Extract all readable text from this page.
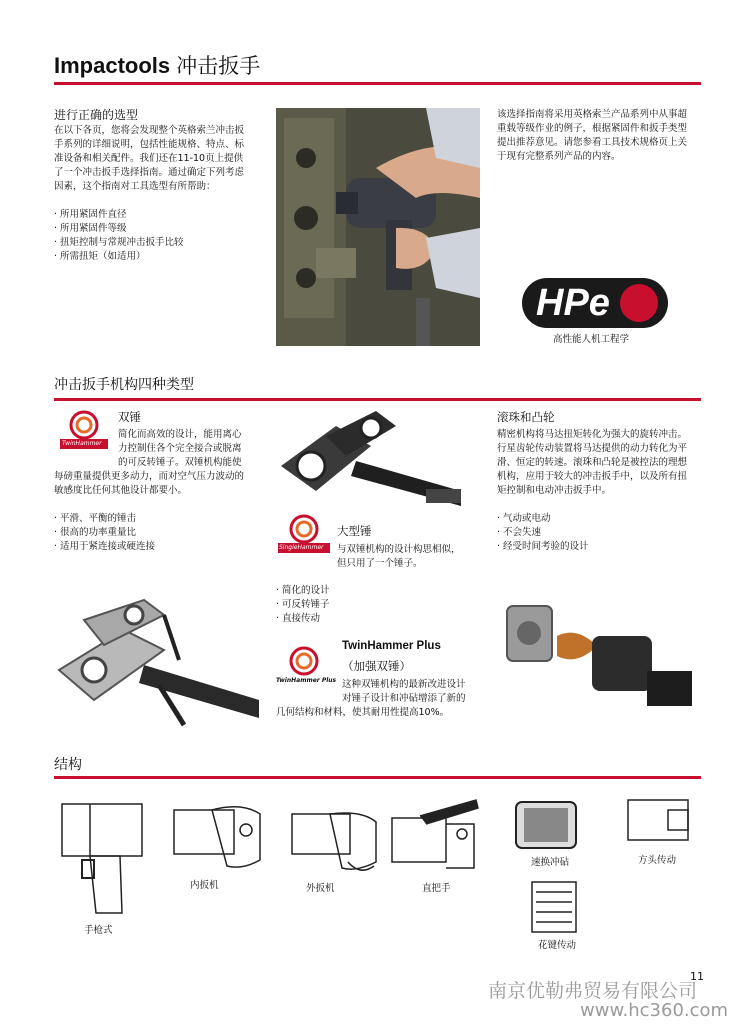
Impactools 冲击扳手
进行正确的选型
在以下各页，您将会发现整个英格索兰冲击扳
手系列的详细说明，包括性能规格、特点、标
准设备和相关配件。我们还在11-10页上提供
了一个冲击扳手选择指南。通过确定下列考虑
因素，这个指南对工具选型有所帮助：
· 所用紧固件直径
· 所用紧固件等级
· 扭矩控制与常规冲击扳手比较
· 所需扭矩（如适用）
该选择指南将采用英格索兰产品系列中从事超
重载等级作业的例子，根据紧固件和扳手类型
提出推荐意见。请您参看工具技术规格页上关
于现有完整系列产品的内容。
HPe
高性能人机工程学
冲击扳手机构四种类型
TwinHammer
双锤
简化而高效的设计，能用离心
力控制住各个完全接合或脱离
的可反转锤子。双锤机构能使
每磅重量提供更多动力，而对空气压力波动的
敏感度比任何其他设计都要小。
· 平滑、平衡的锤击
· 很高的功率重量比
· 适用于紧连接或硬连接	SingleHammer
大型锤
与双锤机构的设计构思相似，
但只用了一个锤子。
· 简化的设计
· 可反转锤子
· 直接传动
TwinHammer Plus
（加强双锤）
TwinHammer Plus 这种双锤机构的最新改进设计
对锤子设计和冲砧增添了新的
几何结构和材料，使其耐用性提高10%。
滚珠和凸轮
精密机构将马达扭矩转化为强大的旋转冲击。
行星齿轮传动装置将马达提供的动力转化为平
滑、恒定的转速。滚珠和凸轮是被控法的理想
机构，应用于较大的冲击扳手中，以及所有扭
矩控制和电动冲击扳手中。
· 气动或电动
· 不会失速
· 经受时间考验的设计
结构
手枪式
内扳机	外扳机	直把手
速换冲砧	方头传动
花键传动
11
南京优勒弗贸易有限公司
www.hc360.com
